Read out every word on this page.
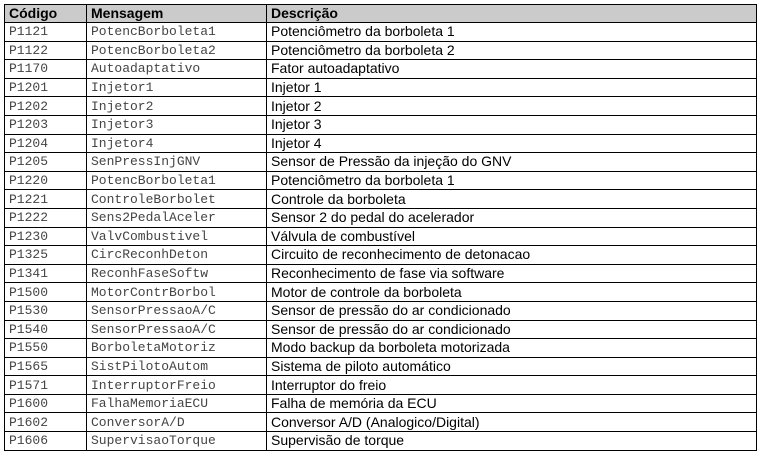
Código	Mensagem	Descrição
P1121	PotencBorboleta1	Potenciômetro da borboleta 1
P1122	PotencBorboleta2	Potenciômetro da borboleta 2
P1170	Autoadaptativo	Fator autoadaptativo
P1201	Injetor1	Injetor 1
P1202	Injetor2	Injetor 2
P1203	Injetor3	Injetor 3
P1204	Injetor4	Injetor 4
P1205	SenPressInjGNV	Sensor de Pressão da injeção do GNV
P1220	PotencBorboleta1	Potenciômetro da borboleta 1
P1221	ControleBorbolet	Controle da borboleta
P1222	Sens2PedalAceler	Sensor 2 do pedal do acelerador
P1230	ValvCombustivel	Válvula de combustível
P1325	CircReconhDeton	Circuito de reconhecimento de detonacao
P1341	ReconhFaseSoftw	Reconhecimento de fase via software
P1500	MotorContrBorbol	Motor de controle da borboleta
P1530	SensorPressaoA/C	Sensor de pressão do ar condicionado
P1540	SensorPressaoA/C	Sensor de pressão do ar condicionado
P1550	BorboletaMotoriz	Modo backup da borboleta motorizada
P1565	SistPilotoAutom	Sistema de piloto automático
P1571	InterruptorFreio	Interruptor do freio
P1600	FalhaMemoriaECU	Falha de memória da ECU
P1602	ConversorA/D	Conversor A/D (Analogico/Digital)
P1606	SupervisaoTorque	Supervisão de torque
